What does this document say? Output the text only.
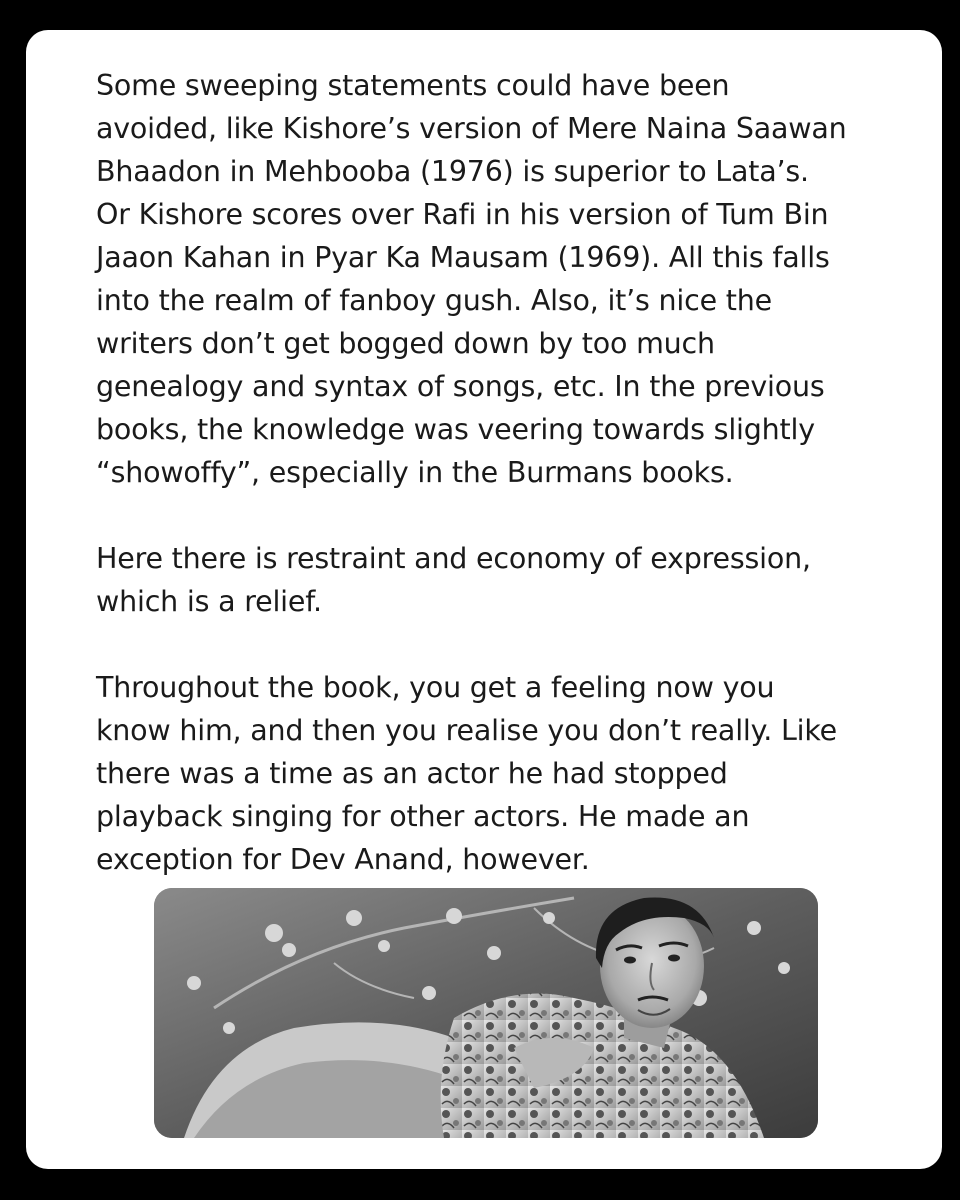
Some sweeping statements could have been
avoided, like Kishore’s version of Mere Naina Saawan
Bhaadon in Mehbooba (1976) is superior to Lata’s.
Or Kishore scores over Rafi in his version of Tum Bin
Jaaon Kahan in Pyar Ka Mausam (1969). All this falls
into the realm of fanboy gush. Also, it’s nice the
writers don’t get bogged down by too much
genealogy and syntax of songs, etc. In the previous
books, the knowledge was veering towards slightly
“showoffy”, especially in the Burmans books.

Here there is restraint and economy of expression,
which is a relief.

Throughout the book, you get a feeling now you
know him, and then you realise you don’t really. Like
there was a time as an actor he had stopped
playback singing for other actors. He made an
exception for Dev Anand, however.
